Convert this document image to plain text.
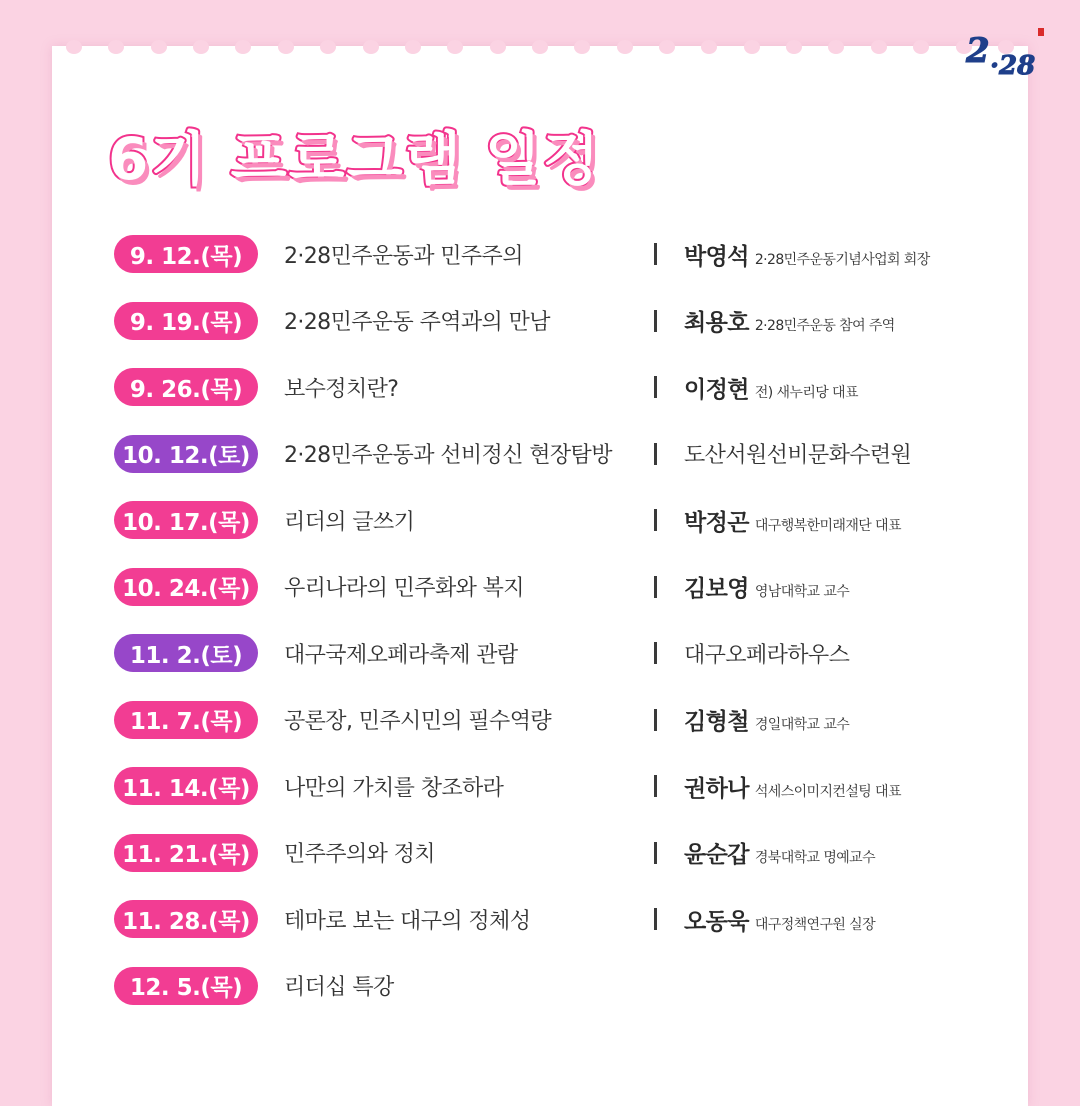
2 ·28
6기 프로그램 일정
9. 12.(목)	2·28민주운동과 민주주의	박영석 2·28민주운동기념사업회 회장
9. 19.(목)	2·28민주운동 주역과의 만남	최용호 2·28민주운동 참여 주역
9. 26.(목)	보수정치란?	이정현 전) 새누리당 대표
10. 12.(토)	2·28민주운동과 선비정신 현장탐방	도산서원선비문화수련원
10. 17.(목)	리더의 글쓰기	박정곤 대구행복한미래재단 대표
10. 24.(목)	우리나라의 민주화와 복지	김보영 영남대학교 교수
11. 2.(토)	대구국제오페라축제 관람	대구오페라하우스
11. 7.(목)	공론장, 민주시민의 필수역량	김형철 경일대학교 교수
11. 14.(목)	나만의 가치를 창조하라	권하나 석세스이미지컨설팅 대표
11. 21.(목)	민주주의와 정치	윤순갑 경북대학교 명예교수
11. 28.(목)	테마로 보는 대구의 정체성	오동욱 대구정책연구원 실장
12. 5.(목)	리더십 특강
